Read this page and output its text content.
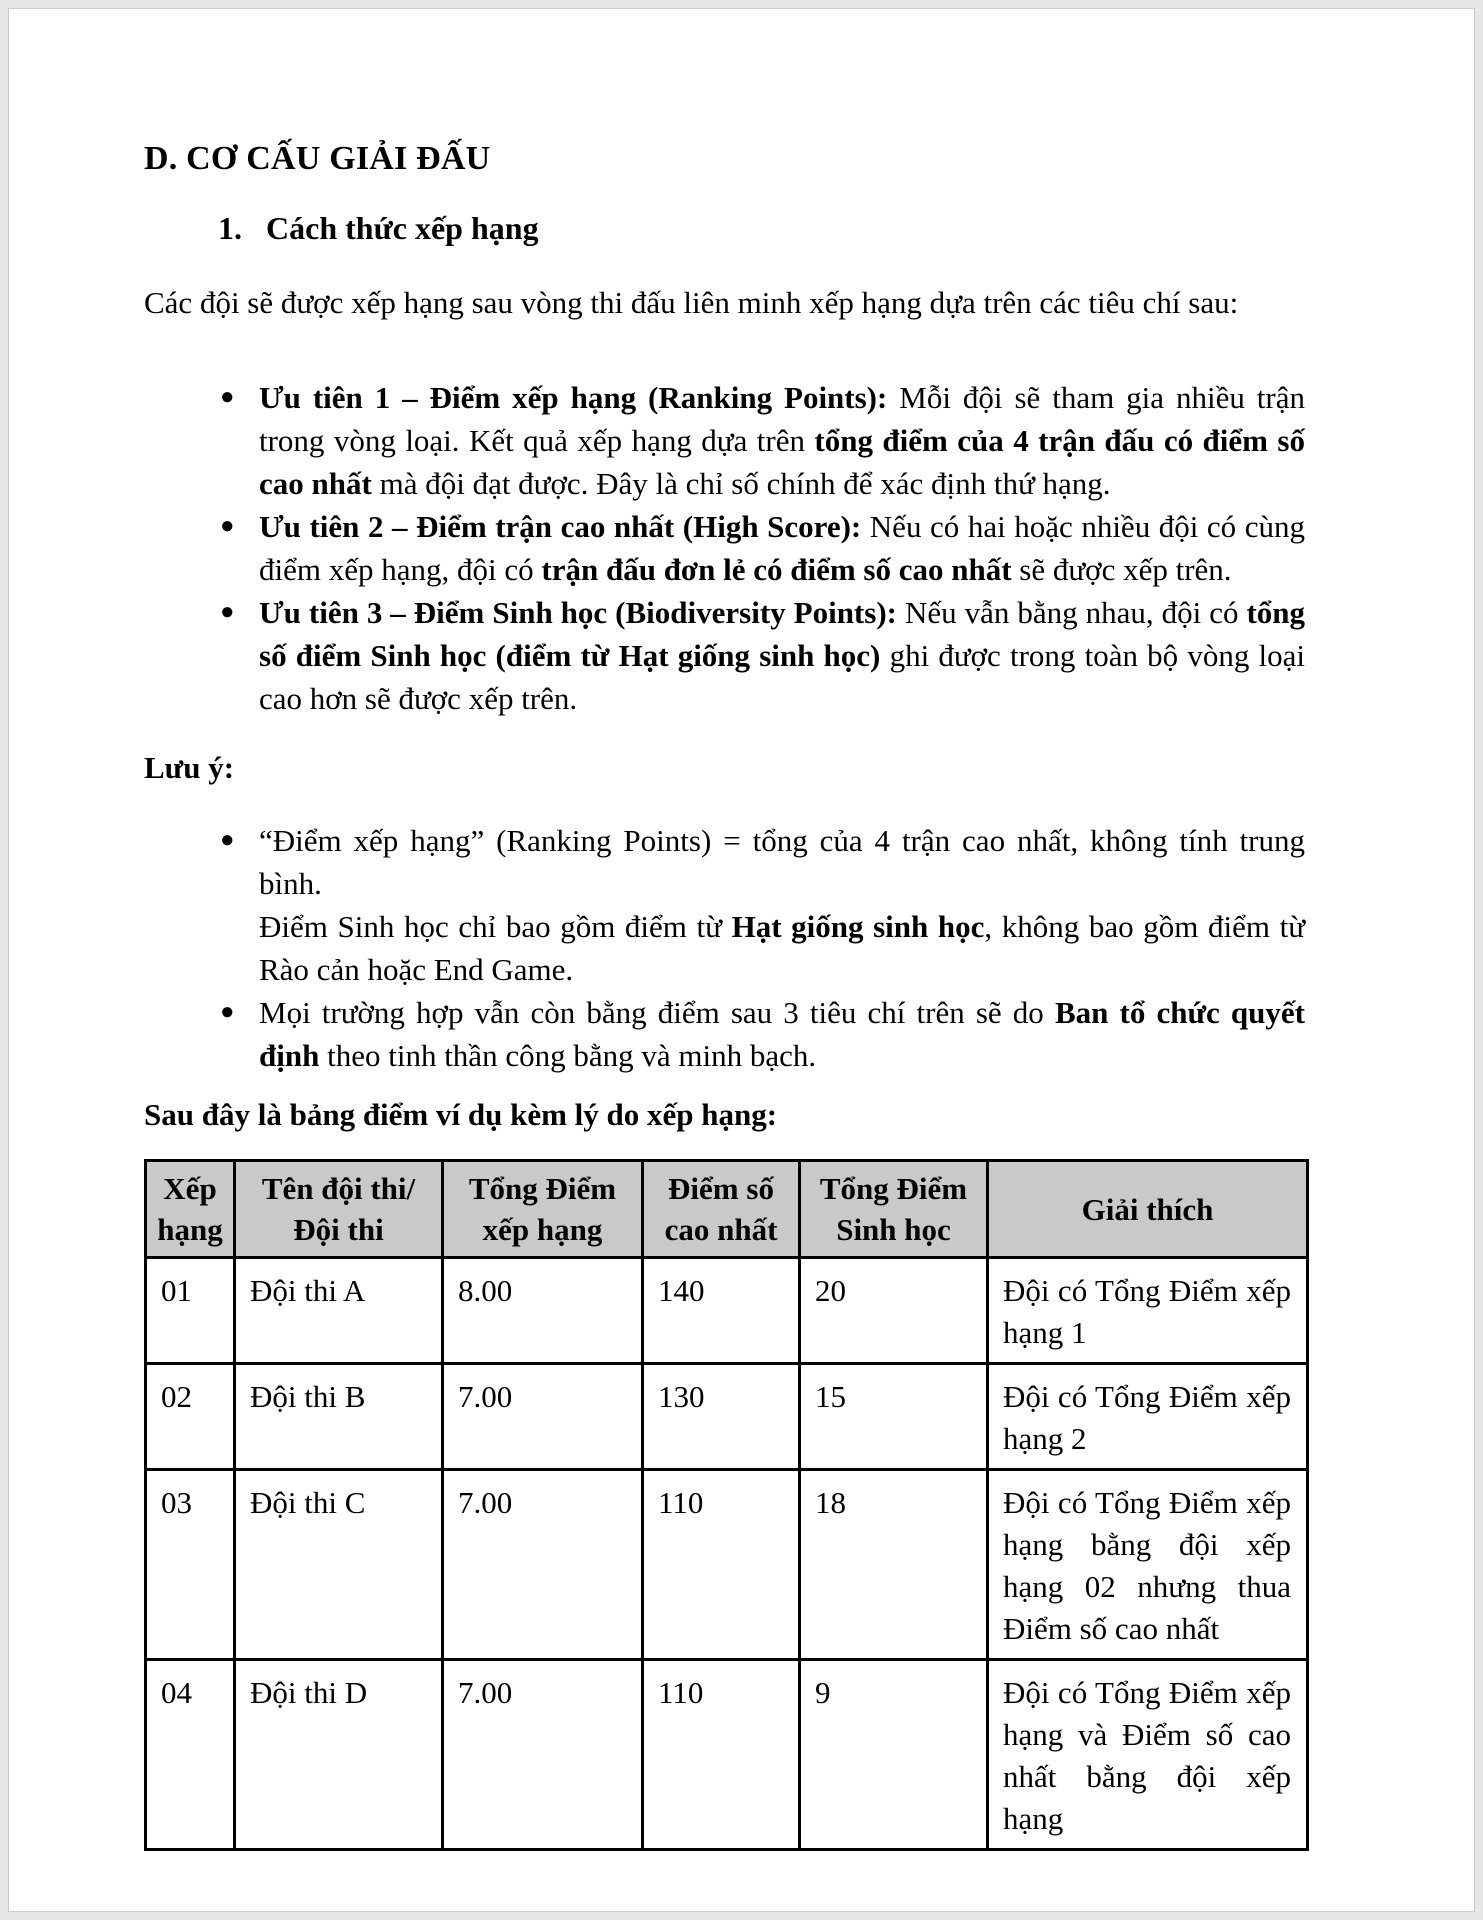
D. CƠ CẤU GIẢI ĐẤU
1. Cách thức xếp hạng

Các đội sẽ được xếp hạng sau vòng thi đấu liên minh xếp hạng dựa trên các tiêu chí sau:

● Ưu tiên 1 – Điểm xếp hạng (Ranking Points): Mỗi đội sẽ tham gia nhiều trận trong vòng loại. Kết quả xếp hạng dựa trên tổng điểm của 4 trận đấu có điểm số cao nhất mà đội đạt được. Đây là chỉ số chính để xác định thứ hạng.
● Ưu tiên 2 – Điểm trận cao nhất (High Score): Nếu có hai hoặc nhiều đội có cùng điểm xếp hạng, đội có trận đấu đơn lẻ có điểm số cao nhất sẽ được xếp trên.
● Ưu tiên 3 – Điểm Sinh học (Biodiversity Points): Nếu vẫn bằng nhau, đội có tổng số điểm Sinh học (điểm từ Hạt giống sinh học) ghi được trong toàn bộ vòng loại cao hơn sẽ được xếp trên.
Lưu ý:
● “Điểm xếp hạng” (Ranking Points) = tổng của 4 trận cao nhất, không tính trung bình.
Điểm Sinh học chỉ bao gồm điểm từ Hạt giống sinh học, không bao gồm điểm từ Rào cản hoặc End Game.
● Mọi trường hợp vẫn còn bằng điểm sau 3 tiêu chí trên sẽ do Ban tổ chức quyết định theo tinh thần công bằng và minh bạch.
Sau đây là bảng điểm ví dụ kèm lý do xếp hạng:
Xếp hạng	Tên đội thi/Đội thi	Tổng Điểm xếp hạng	Điểm số cao nhất	Tổng Điểm Sinh học	Giải thích
01	Đội thi A	8.00	140	20	Đội có Tổng Điểm xếp hạng 1
02	Đội thi B	7.00	130	15	Đội có Tổng Điểm xếp hạng 2
03	Đội thi C	7.00	110	18	Đội có Tổng Điểm xếp hạng bằng đội xếp hạng 02 nhưng thua Điểm số cao nhất
04	Đội thi D	7.00	110	9	Đội có Tổng Điểm xếp hạng và Điểm số cao nhất bằng đội xếp hạng
